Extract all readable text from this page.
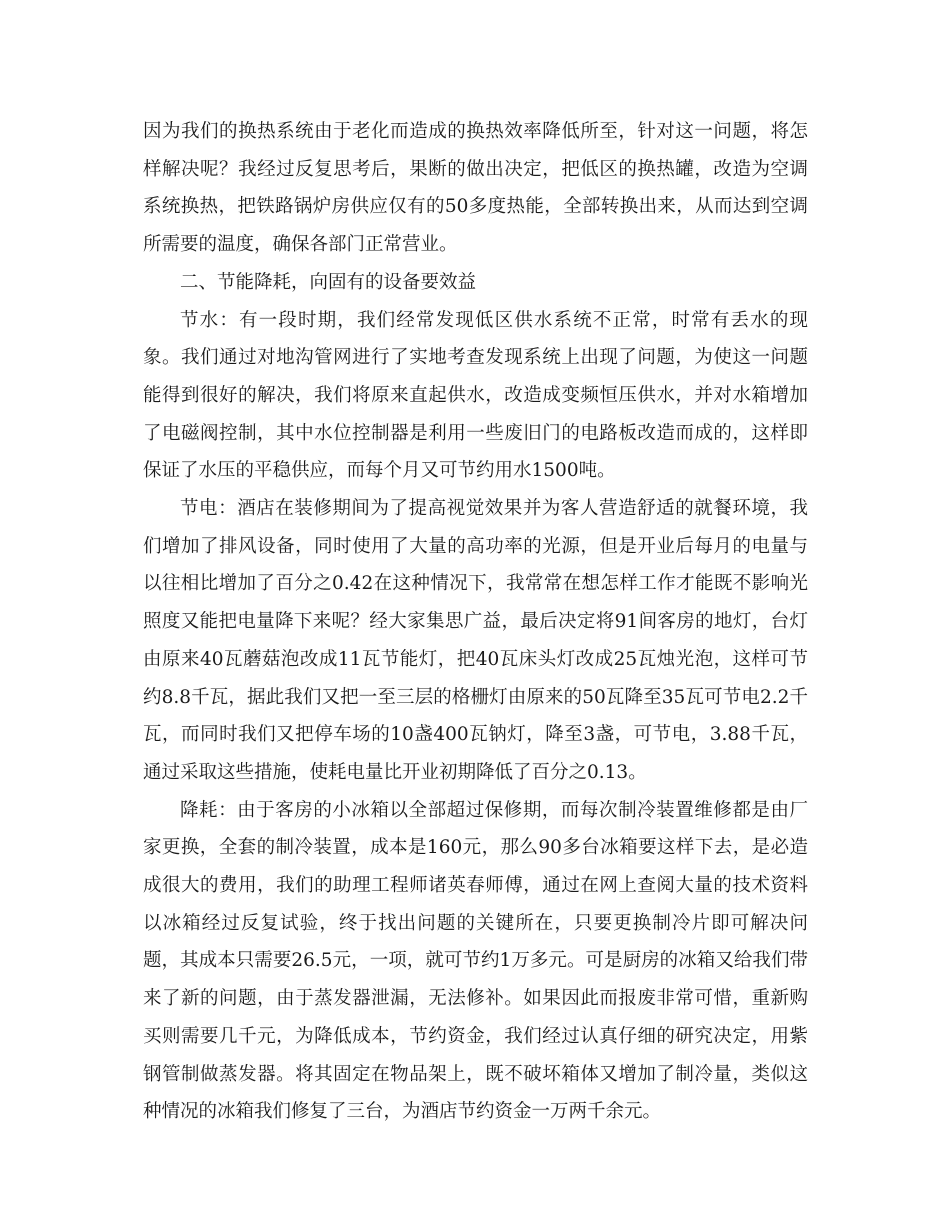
因为我们的换热系统由于老化而造成的换热效率降低所至，针对这一问题，将怎样解决呢？我经过反复思考后，果断的做出决定，把低区的换热罐，改造为空调系统换热，把铁路锅炉房供应仅有的50多度热能，全部转换出来，从而达到空调所需要的温度，确保各部门正常营业。

二、节能降耗，向固有的设备要效益

节水：有一段时期，我们经常发现低区供水系统不正常，时常有丢水的现象。我们通过对地沟管网进行了实地考查发现系统上出现了问题，为使这一问题能得到很好的解决，我们将原来直起供水，改造成变频恒压供水，并对水箱增加了电磁阀控制，其中水位控制器是利用一些废旧门的电路板改造而成的，这样即保证了水压的平稳供应，而每个月又可节约用水1500吨。

节电：酒店在装修期间为了提高视觉效果并为客人营造舒适的就餐环境，我们增加了排风设备，同时使用了大量的高功率的光源，但是开业后每月的电量与以往相比增加了百分之0.42在这种情况下，我常常在想怎样工作才能既不影响光照度又能把电量降下来呢？经大家集思广益，最后决定将91间客房的地灯，台灯由原来40瓦蘑菇泡改成11瓦节能灯，把40瓦床头灯改成25瓦烛光泡，这样可节约8.8千瓦，据此我们又把一至三层的格栅灯由原来的50瓦降至35瓦可节电2.2千瓦，而同时我们又把停车场的10盏400瓦钠灯，降至3盏，可节电，3.88千瓦，通过采取这些措施，使耗电量比开业初期降低了百分之0.13。

降耗：由于客房的小冰箱以全部超过保修期，而每次制冷装置维修都是由厂家更换，全套的制冷装置，成本是160元，那么90多台冰箱要这样下去，是必造成很大的费用，我们的助理工程师诸英春师傅，通过在网上查阅大量的技术资料以冰箱经过反复试验，终于找出问题的关键所在，只要更换制冷片即可解决问题，其成本只需要26.5元，一项，就可节约1万多元。可是厨房的冰箱又给我们带来了新的问题，由于蒸发器泄漏，无法修补。如果因此而报废非常可惜，重新购买则需要几千元，为降低成本，节约资金，我们经过认真仔细的研究决定，用紫钢管制做蒸发器。将其固定在物品架上，既不破坏箱体又增加了制冷量，类似这种情况的冰箱我们修复了三台，为酒店节约资金一万两千余元。
